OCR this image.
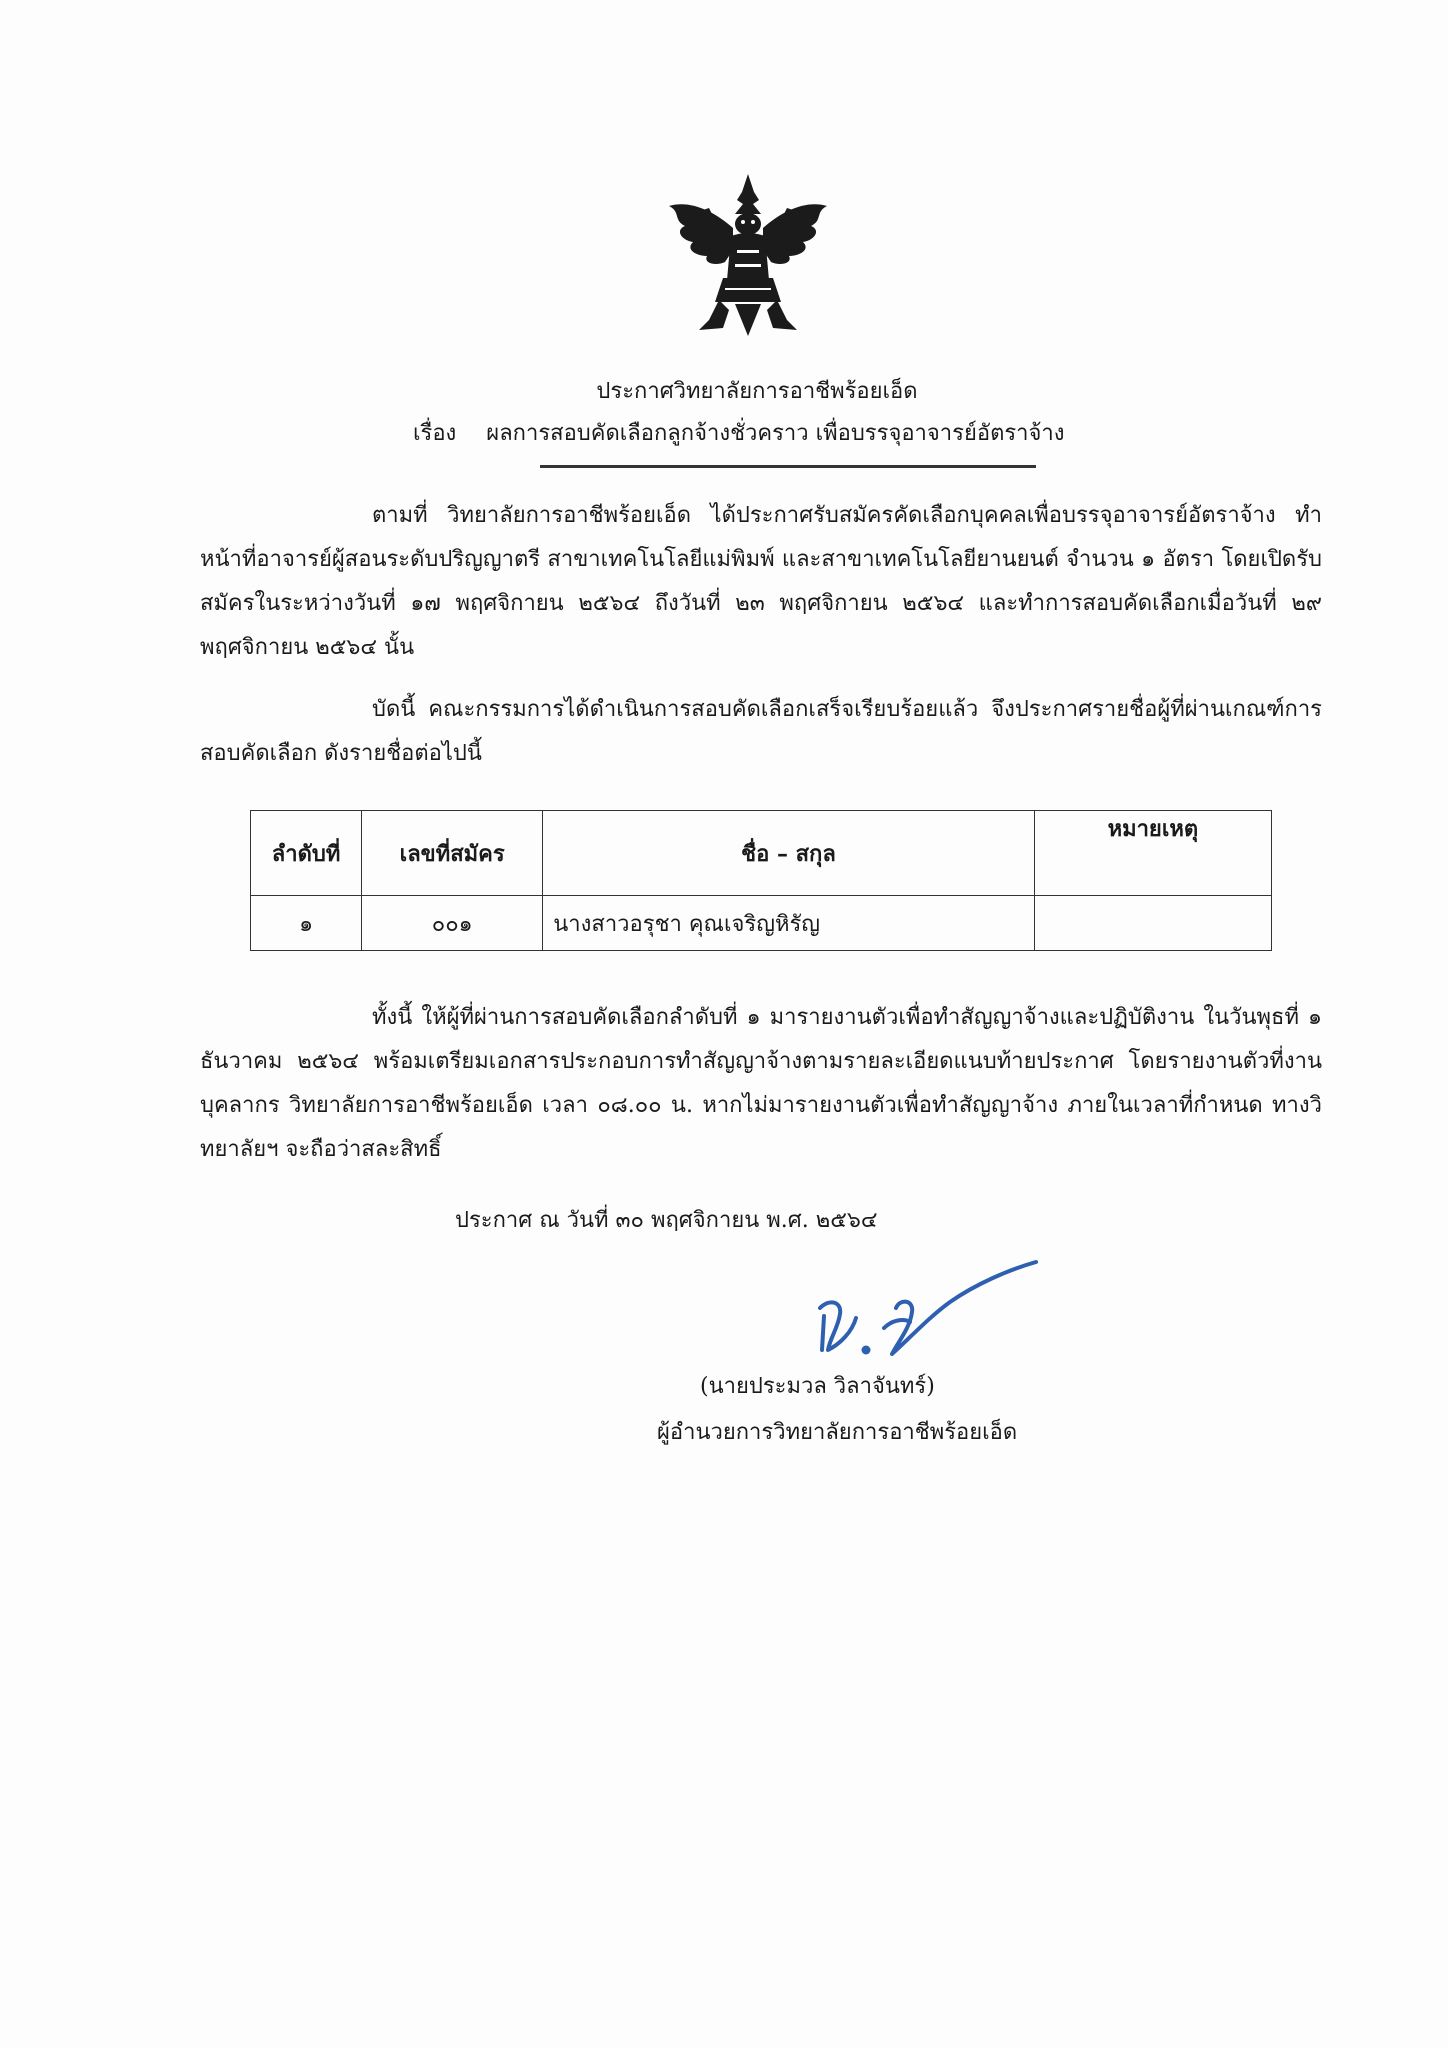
ประกาศวิทยาลัยการอาชีพร้อยเอ็ด
เรื่อง ผลการสอบคัดเลือกลูกจ้างชั่วคราว เพื่อบรรจุอาจารย์อัตราจ้าง
ตามที่ วิทยาลัยการอาชีพร้อยเอ็ด ได้ประกาศรับสมัครคัดเลือกบุคคลเพื่อบรรจุอาจารย์อัตราจ้าง ทำหน้าที่อาจารย์ผู้สอนระดับปริญญาตรี สาขาเทคโนโลยีแม่พิมพ์ และสาขาเทคโนโลยียานยนต์ จำนวน ๑ อัตรา โดยเปิดรับสมัครในระหว่างวันที่ ๑๗ พฤศจิกายน ๒๕๖๔ ถึงวันที่ ๒๓ พฤศจิกายน ๒๕๖๔ และทำการสอบคัดเลือกเมื่อวันที่ ๒๙ พฤศจิกายน ๒๕๖๔ นั้น
บัดนี้ คณะกรรมการได้ดำเนินการสอบคัดเลือกเสร็จเรียบร้อยแล้ว จึงประกาศรายชื่อผู้ที่ผ่านเกณฑ์การสอบคัดเลือก ดังรายชื่อต่อไปนี้
ลำดับที่	เลขที่สมัคร	ชื่อ – สกุล	หมายเหตุ
๑	๐๐๑	นางสาวอรุชา คุณเจริญหิรัญ	
ทั้งนี้ ให้ผู้ที่ผ่านการสอบคัดเลือกลำดับที่ ๑ มารายงานตัวเพื่อทำสัญญาจ้างและปฏิบัติงาน ในวันพุธที่ ๑ ธันวาคม ๒๕๖๔ พร้อมเตรียมเอกสารประกอบการทำสัญญาจ้างตามรายละเอียดแนบท้ายประกาศ โดยรายงานตัวที่งานบุคลากร วิทยาลัยการอาชีพร้อยเอ็ด เวลา ๐๘.๐๐ น. หากไม่มารายงานตัวเพื่อทำสัญญาจ้าง ภายในเวลาที่กำหนด ทางวิทยาลัยฯ จะถือว่าสละสิทธิ์
ประกาศ ณ วันที่ ๓๐ พฤศจิกายน พ.ศ. ๒๕๖๔
(นายประมวล วิลาจันทร์)
ผู้อำนวยการวิทยาลัยการอาชีพร้อยเอ็ด
